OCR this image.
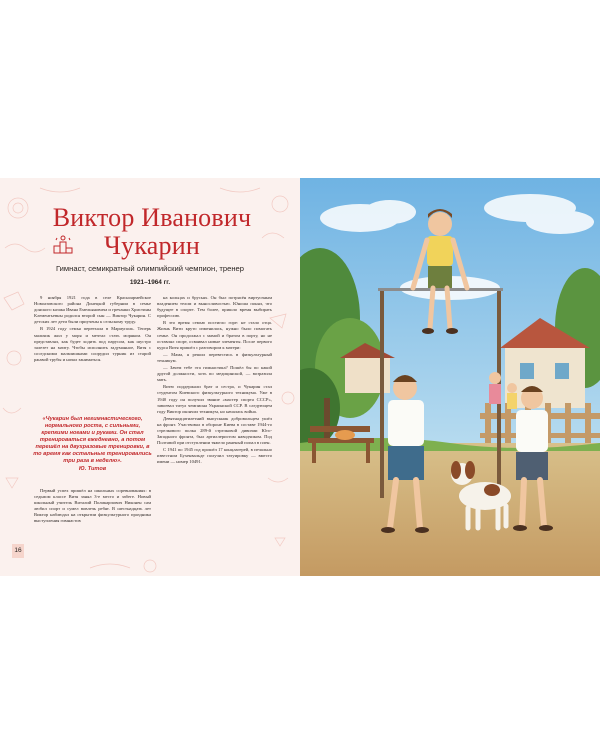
Виктор Иванович
Чукарин
Гимнаст, семикратный олимпийский чемпион, тренер
1921–1964 гг.

9 ноября 1921 года в селе Красноармейское Новоазовского района Донецкой губернии в семье донского казака Ивана Емельяновича и гречанки Христины Клементьевны родился второй сын — Виктор Чукарин. С детских лет дети были приучены к сельскому труду.

В 1924 году семья переехала в Мариуполь. Теперь мальчик жил у моря и мечтал стать моряком. Он представлял, как будет ходить под парусом, как шустро залезет на мачту. Чтобы исполнить задуманное, Витя с соседскими мальчишками соорудил турник из старой ржавой трубы и начал заниматься.

«Чукарин был негимнастического, нормального роста, с сильными, крепкими ногами и руками. Он стал тренироваться ежедневно, а потом перешёл на двухразовые тренировки, в то время как остальные тренировались три раза в неделю».
Ю. Титов

Первый успех пришёл на школьных соревнованиях: в седьмом классе Витя занял 3-е место и забеге. Новый школьный учитель Виталий Поликарпович Никонен сам любил спорт и сумел вовлечь ребят. В шестнадцать лет Виктор наблюдал на открытии физкультурного праздника выступления гимнастов

на кольцах и брусьях. Он был потрясён виртуозным владением телом и выносливостью. Юноша понял, что будущее в спорте. Тем более, пришло время выбирать профессию.

В это время семью постигло горе: не стало отца. Жизнь Вити круто изменилась, нужно было помогать семье. Он продолжал с мамой и братом в порту, но не оставлял спорт, осваивал новые элементы. После первого курса Витя пришёл с разговором к матери:

— Мама, я решил перевестись в физкультурный техникум.

— Зачем тебе эта гимнастика? Пошёл бы по какой другой должности, хоть по медицинской, — возразила мать.

Витю поддержали брат и сестра, и Чукарин стал студентом Киевского физкультурного техникума. Уже в 1940 году он получил звание «мастер спорта СССР», завоевал титул чемпиона Украинской ССР. В следующем году Виктор окончил техникум, но началась война.

Девятнадцатилетний выпускник добровольцем ушёл на фронт. Участвовал в обороне Киева в составе 1944-го стрелкового полка 289-й стрелковой дивизии Юго-Западного фронта, был артиллеристом наводчиком. Под Полтавой при отступлении тяжело раненый попал в плен.

С 1941 по 1945 год прошёл 17 концлагерей, в печально известном Бухенвальде получил татуировку — вместо имени — номер 10491.

16
